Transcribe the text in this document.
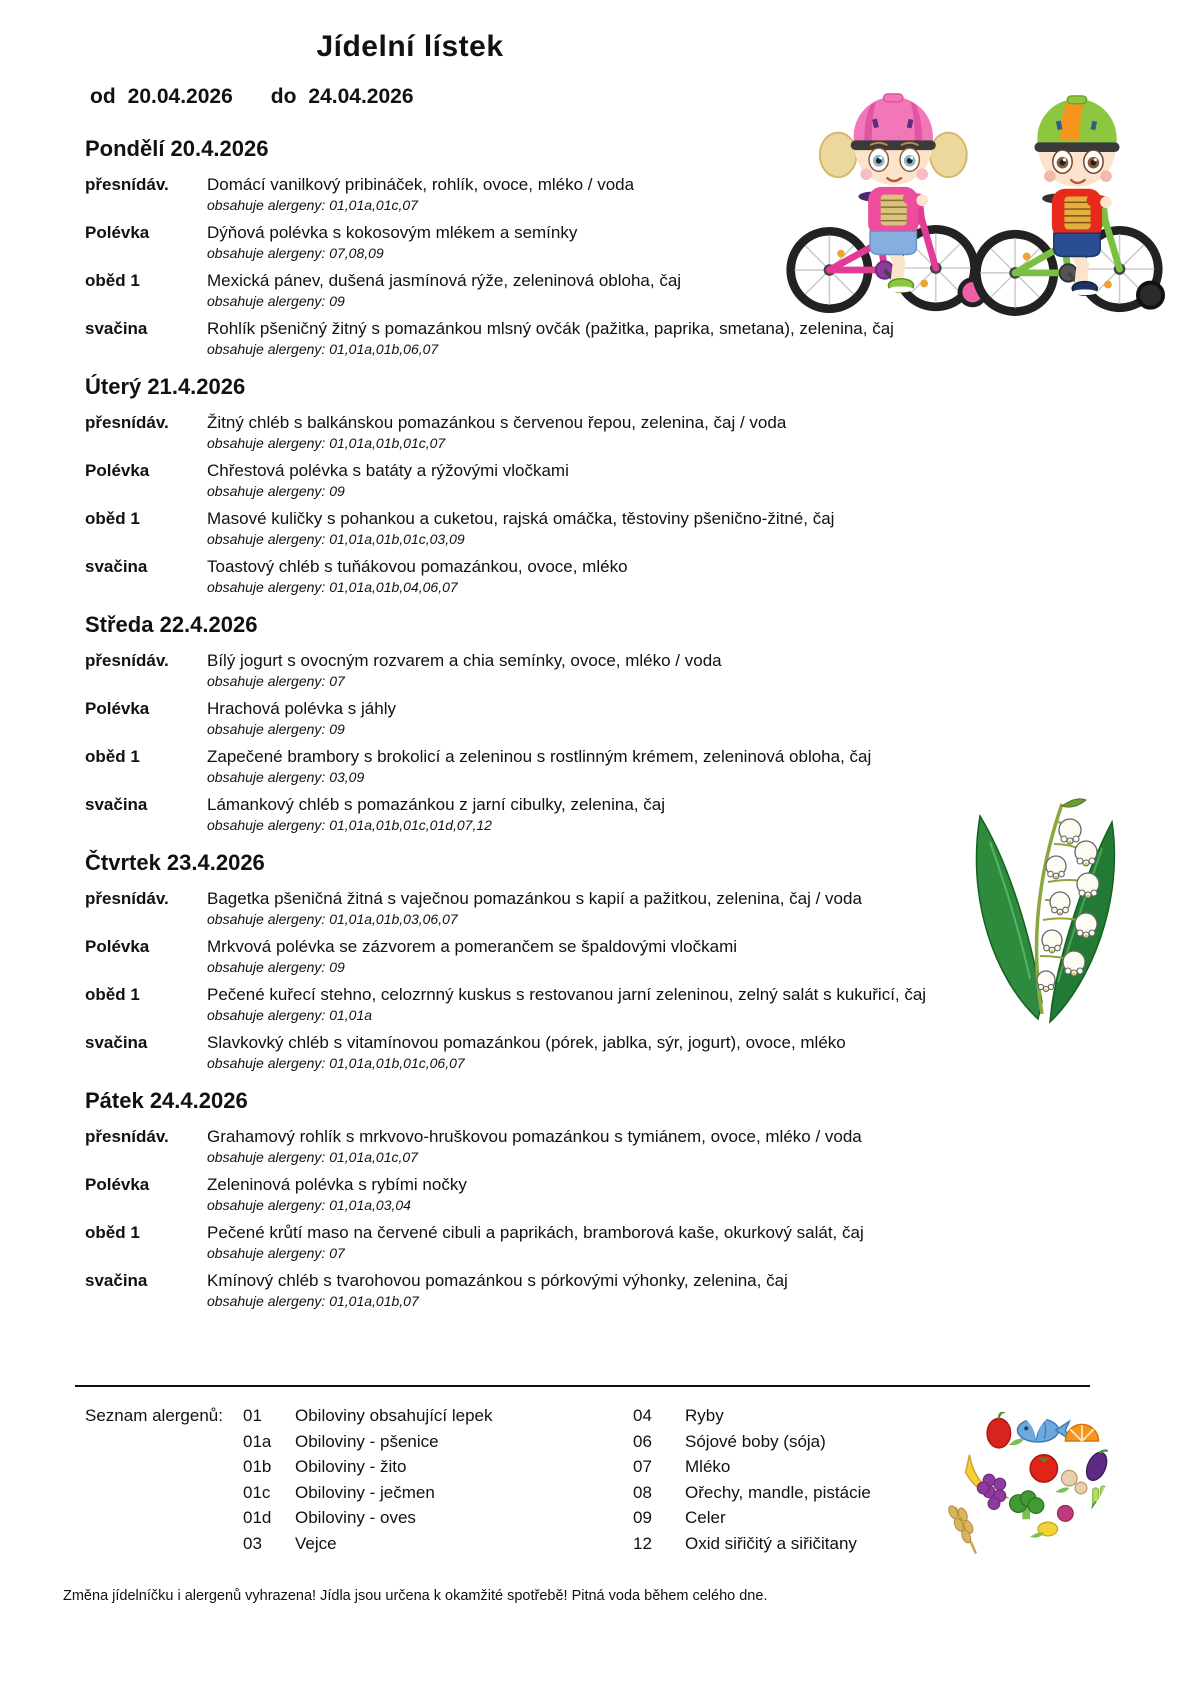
Jídelní lístek
od 20.04.2026 do 24.04.2026
Pondělí 20.4.2026
přesnídáv.	Domácí vanilkový pribináček, rohlík, ovoce, mléko / voda
obsahuje alergeny: 01,01a,01c,07
Polévka	Dýňová polévka s kokosovým mlékem a semínky
obsahuje alergeny: 07,08,09
oběd 1	Mexická pánev, dušená jasmínová rýže, zeleninová obloha, čaj
obsahuje alergeny: 09
svačina	Rohlík pšeničný žitný s pomazánkou mlsný ovčák (pažitka, paprika, smetana), zelenina, čaj
obsahuje alergeny: 01,01a,01b,06,07
Úterý 21.4.2026
přesnídáv.	Žitný chléb s balkánskou pomazánkou s červenou řepou, zelenina, čaj / voda
obsahuje alergeny: 01,01a,01b,01c,07
Polévka	Chřestová polévka s batáty a rýžovými vločkami
obsahuje alergeny: 09
oběd 1	Masové kuličky s pohankou a cuketou, rajská omáčka, těstoviny pšenično-žitné, čaj
obsahuje alergeny: 01,01a,01b,01c,03,09
svačina	Toastový chléb s tuňákovou pomazánkou, ovoce, mléko
obsahuje alergeny: 01,01a,01b,04,06,07
Středa 22.4.2026
přesnídáv.	Bílý jogurt s ovocným rozvarem a chia semínky, ovoce, mléko / voda
obsahuje alergeny: 07
Polévka	Hrachová polévka s jáhly
obsahuje alergeny: 09
oběd 1	Zapečené brambory s brokolicí a zeleninou s rostlinným krémem, zeleninová obloha, čaj
obsahuje alergeny: 03,09
svačina	Lámankový chléb s pomazánkou z jarní cibulky, zelenina, čaj
obsahuje alergeny: 01,01a,01b,01c,01d,07,12
Čtvrtek 23.4.2026
přesnídáv.	Bagetka pšeničná žitná s vaječnou pomazánkou s kapií a pažitkou, zelenina, čaj / voda
obsahuje alergeny: 01,01a,01b,03,06,07
Polévka	Mrkvová polévka se zázvorem a pomerančem se špaldovými vločkami
obsahuje alergeny: 09
oběd 1	Pečené kuřecí stehno, celozrnný kuskus s restovanou jarní zeleninou, zelný salát s kukuřicí, čaj
obsahuje alergeny: 01,01a
svačina	Slavkovký chléb s vitamínovou pomazánkou (pórek, jablka, sýr, jogurt), ovoce, mléko
obsahuje alergeny: 01,01a,01b,01c,06,07
Pátek 24.4.2026
přesnídáv.	Grahamový rohlík s mrkvovo-hruškovou pomazánkou s tymiánem, ovoce, mléko / voda
obsahuje alergeny: 01,01a,01c,07
Polévka	Zeleninová polévka s rybími nočky
obsahuje alergeny: 01,01a,03,04
oběd 1	Pečené krůtí maso na červené cibuli a paprikách, bramborová kaše, okurkový salát, čaj
obsahuje alergeny: 07
svačina	Kmínový chléb s tvarohovou pomazánkou s pórkovými výhonky, zelenina, čaj
obsahuje alergeny: 01,01a,01b,07
Seznam alergenů:	01	Obiloviny obsahující lepek
01a	Obiloviny - pšenice
01b	Obiloviny - žito
01c	Obiloviny - ječmen
01d	Obiloviny - oves
03	Vejce
04	Ryby
06	Sójové boby (sója)
07	Mléko
08	Ořechy, mandle, pistácie
09	Celer
12	Oxid siřičitý a siřičitany
Změna jídelníčku i alergenů vyhrazena! Jídla jsou určena k okamžité spotřebě! Pitná voda během celého dne.
